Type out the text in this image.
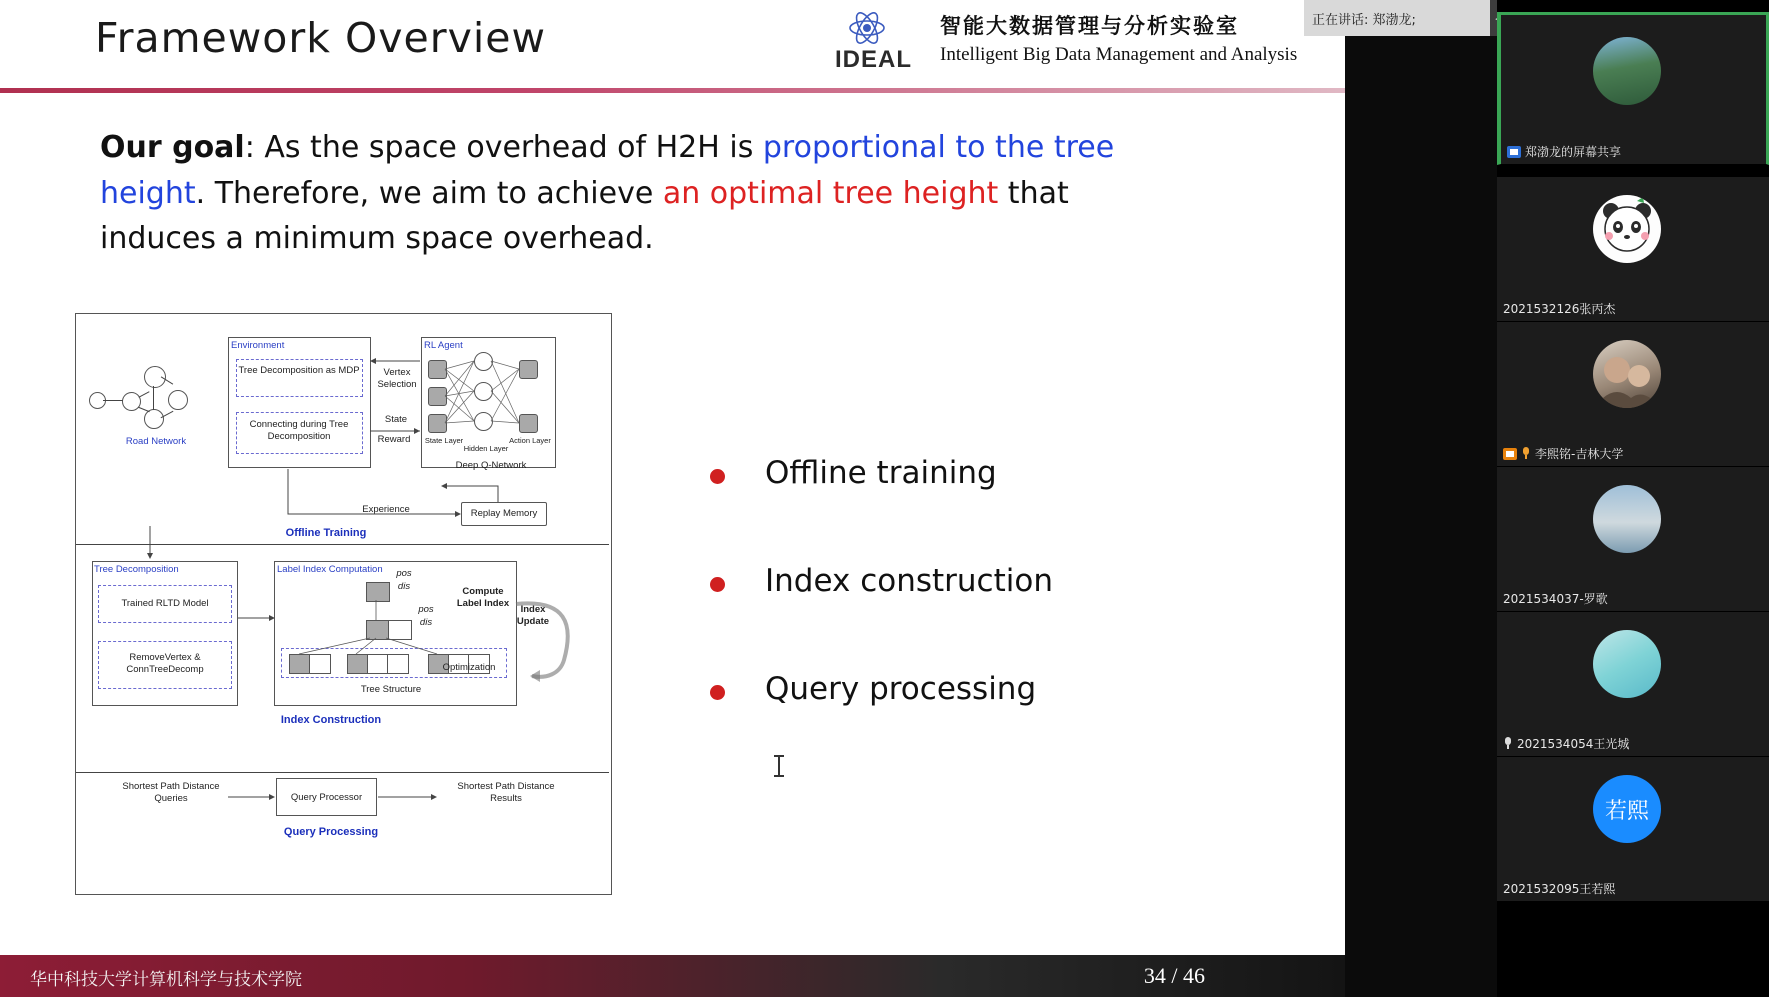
Framework Overview	IDEAL
智能大数据管理与分析实验室
Intelligent Big Data Management and Analysis
Our goal: As the space overhead of H2H is proportional to the tree height. Therefore, we aim to achieve an optimal tree height that induces a minimum space overhead.
Road Network
Environment
Tree Decomposition as MDP
Connecting during Tree Decomposition
RL Agent
State Layer
Hidden Layer
Action Layer
Deep Q-Network
Vertex Selection
State
Reward
Replay Memory
Experience
Offline Training
Tree Decomposition
Trained RLTD Model
RemoveVertex & ConnTreeDecomp
Label Index Computation	pos
dis
pos
dis
Tree Structure
Optimization
Compute Label Index
Index Update
Index Construction
Shortest Path Distance Queries	Query Processor
Shortest Path Distance Results
Query Processing
Offline training
Index construction
Query processing
华中科技大学计算机科学与技术学院	34 / 46
正在讲话: 郑渤龙;
郑渤龙的屏幕共享
2021532126张丙杰
李熙铭-吉林大学
2021534037-罗歌
2021534054王光城
若熙
2021532095王若熙
